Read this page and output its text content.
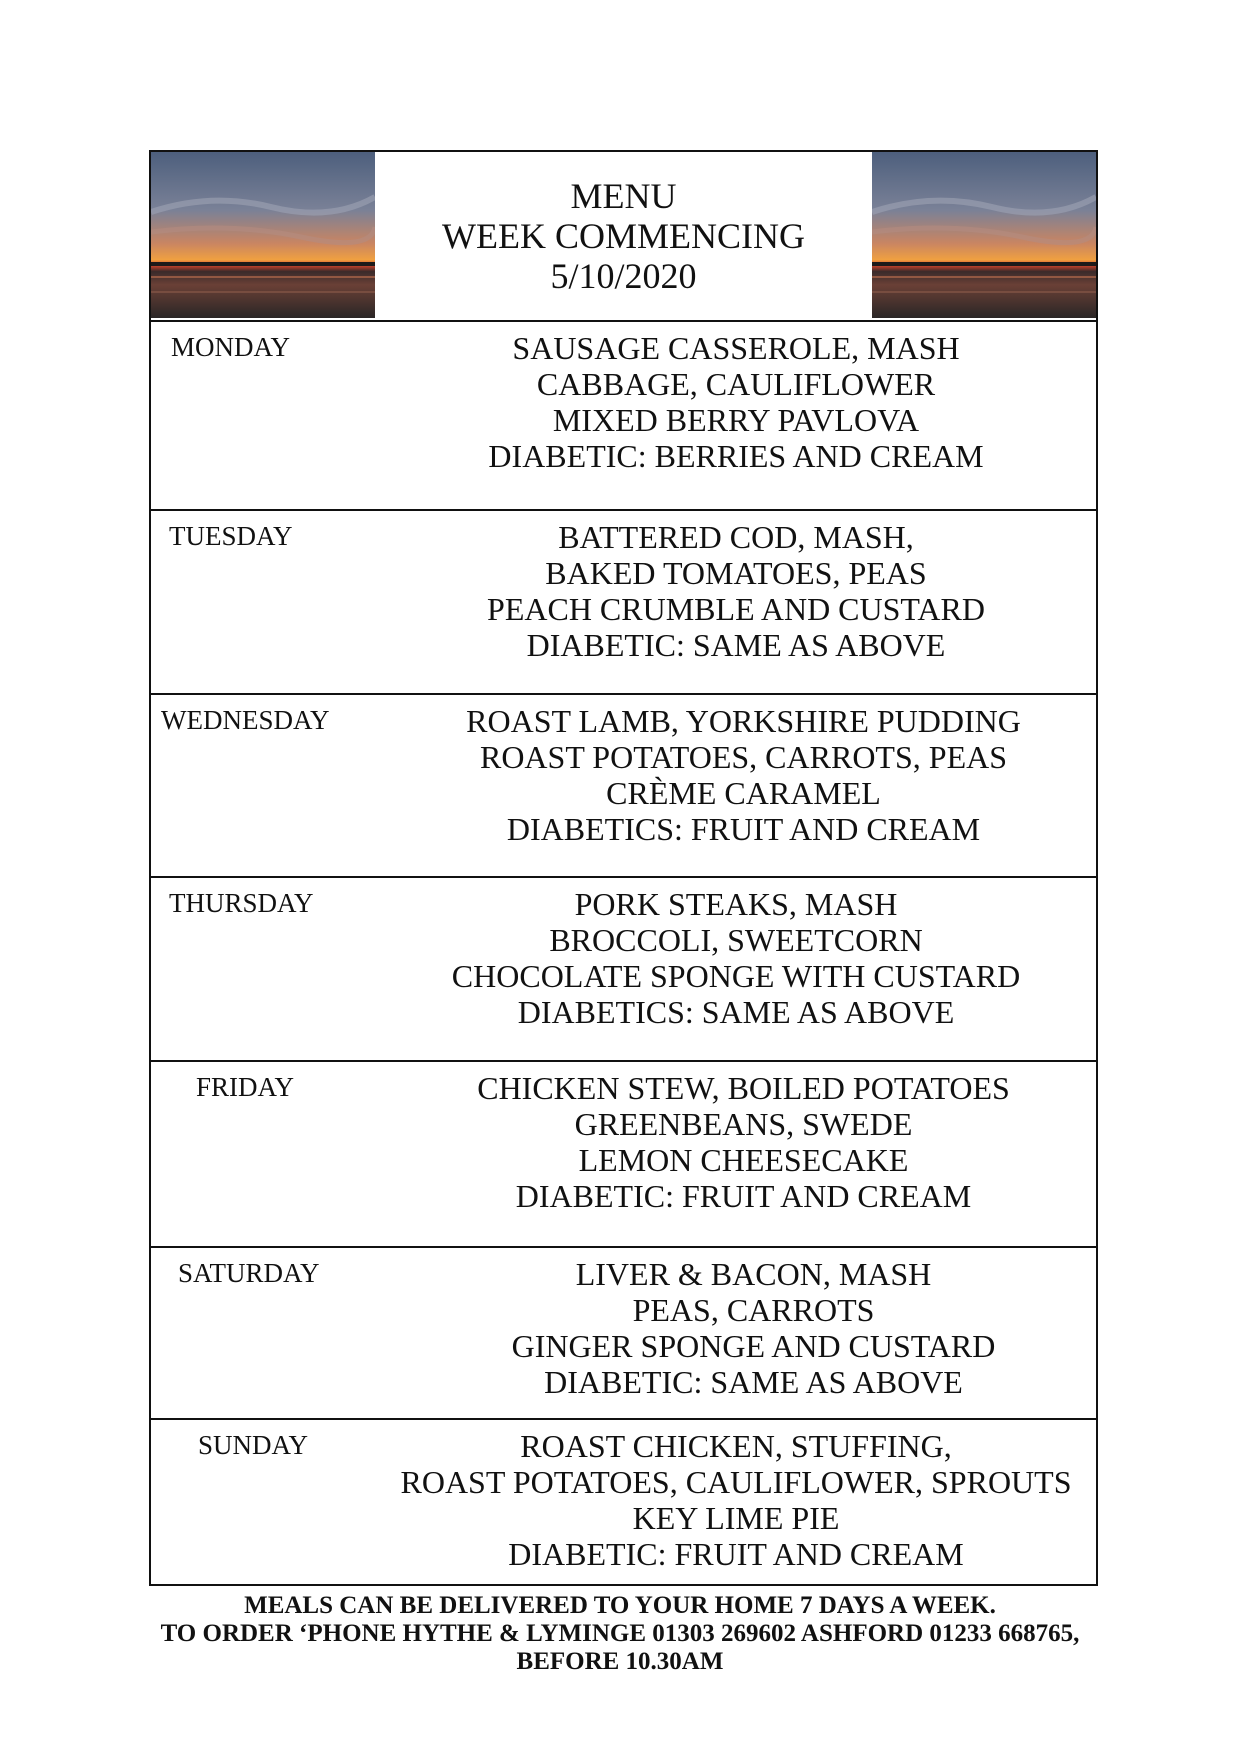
MENU
WEEK COMMENCING
5/10/2020
MONDAY	SAUSAGE CASSEROLE, MASH
CABBAGE, CAULIFLOWER
MIXED BERRY PAVLOVA
DIABETIC: BERRIES AND CREAM
TUESDAY	BATTERED COD, MASH,
BAKED TOMATOES, PEAS
PEACH CRUMBLE AND CUSTARD
DIABETIC: SAME AS ABOVE
WEDNESDAY	ROAST LAMB, YORKSHIRE PUDDING
ROAST POTATOES, CARROTS, PEAS
CRÈME CARAMEL
DIABETICS: FRUIT AND CREAM
THURSDAY	PORK STEAKS, MASH
BROCCOLI, SWEETCORN
CHOCOLATE SPONGE WITH CUSTARD
DIABETICS: SAME AS ABOVE
FRIDAY	CHICKEN STEW, BOILED POTATOES
GREENBEANS, SWEDE
LEMON CHEESECAKE
DIABETIC: FRUIT AND CREAM
SATURDAY	LIVER & BACON, MASH
PEAS, CARROTS
GINGER SPONGE AND CUSTARD
DIABETIC: SAME AS ABOVE
SUNDAY	ROAST CHICKEN, STUFFING,
ROAST POTATOES, CAULIFLOWER, SPROUTS
KEY LIME PIE
DIABETIC: FRUIT AND CREAM
MEALS CAN BE DELIVERED TO YOUR HOME 7 DAYS A WEEK.
TO ORDER ‘PHONE HYTHE & LYMINGE 01303 269602 ASHFORD 01233 668765,
BEFORE 10.30AM
